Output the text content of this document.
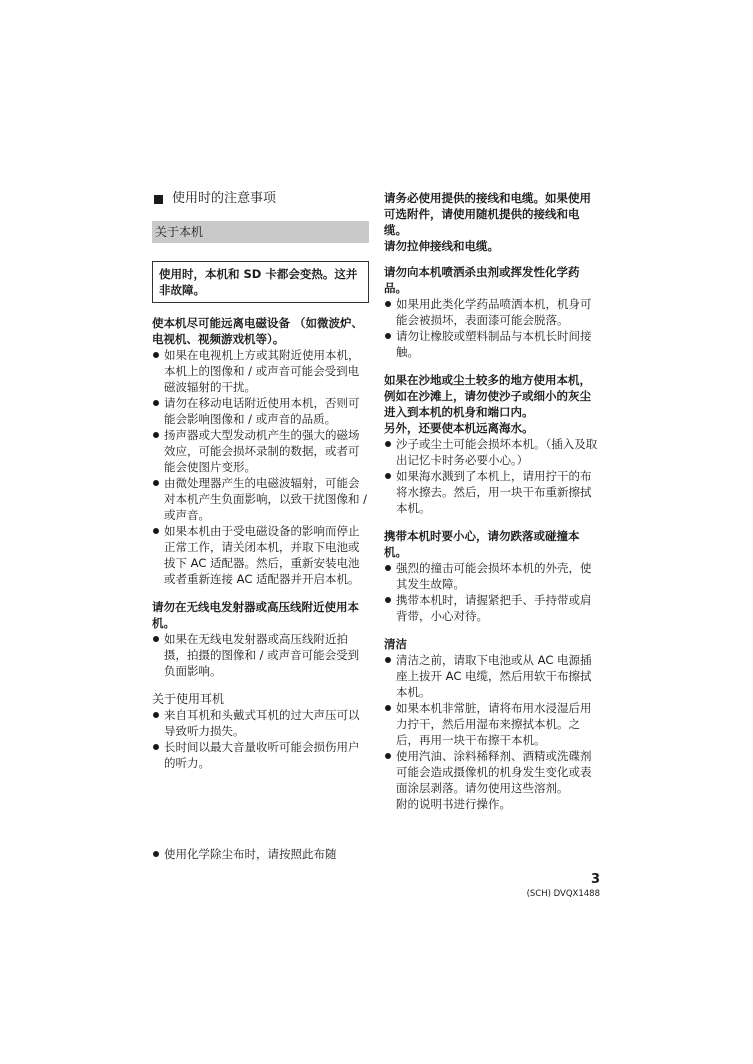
使用时的注意事项
关于本机
使用时，本机和 SD 卡都会变热。这并非故障。

使本机尽可能远离电磁设备 （如微波炉、电视机、视频游戏机等）。

如果在电视机上方或其附近使用本机，本机上的图像和 / 或声音可能会受到电磁波辐射的干扰。
请勿在移动电话附近使用本机，否则可能会影响图像和 / 或声音的品质。
扬声器或大型发动机产生的强大的磁场效应，可能会损坏录制的数据，或者可能会使图片变形。
由微处理器产生的电磁波辐射，可能会对本机产生负面影响，以致干扰图像和 / 或声音。
如果本机由于受电磁设备的影响而停止正常工作，请关闭本机，并取下电池或拔下 AC 适配器。然后，重新安装电池或者重新连接 AC 适配器并开启本机。

请勿在无线电发射器或高压线附近使用本机。

如果在无线电发射器或高压线附近拍摄，拍摄的图像和 / 或声音可能会受到负面影响。

关于使用耳机

来自耳机和头戴式耳机的过大声压可以导致听力损失。
长时间以最大音量收听可能会损伤用户的听力。
使用化学除尘布时，请按照此布随

请务必使用提供的接线和电缆。如果使用可选附件，请使用随机提供的接线和电缆。

请勿拉伸接线和电缆。

请勿向本机喷洒杀虫剂或挥发性化学药品。

如果用此类化学药品喷洒本机，机身可能会被损坏，表面漆可能会脱落。
请勿让橡胶或塑料制品与本机长时间接触。

如果在沙地或尘土较多的地方使用本机，例如在沙滩上，请勿使沙子或细小的灰尘进入到本机的机身和端口内。

另外，还要使本机远离海水。

沙子或尘土可能会损坏本机。（插入及取出记忆卡时务必要小心。）
如果海水溅到了本机上，请用拧干的布将水擦去。然后，用一块干布重新擦拭本机。

携带本机时要小心，请勿跌落或碰撞本机。

强烈的撞击可能会损坏本机的外壳，使其发生故障。
携带本机时，请握紧把手、手持带或肩背带，小心对待。

清洁

清洁之前，请取下电池或从 AC 电源插座上拔开 AC 电缆，然后用软干布擦拭本机。
如果本机非常脏，请将布用水浸湿后用力拧干，然后用湿布来擦拭本机。之后，再用一块干布擦干本机。
使用汽油、涂料稀释剂、酒精或洗碟剂可能会造成摄像机的机身发生变化或表面涂层剥落。请勿使用这些溶剂。

附的说明书进行操作。

3
(SCH) DVQX1488
